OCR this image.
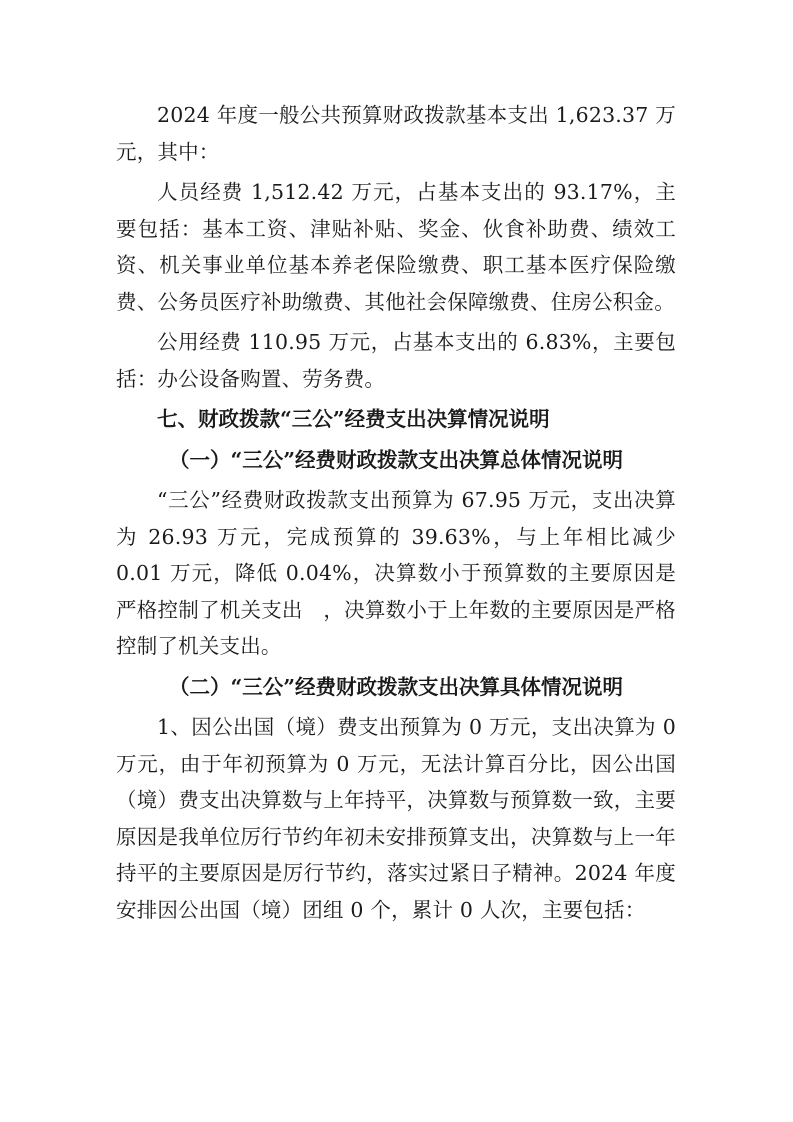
2024 年度一般公共预算财政拨款基本支出 1,623.37 万元，其中：

人员经费 1,512.42 万元，占基本支出的 93.17%，主要包括：基本工资、津贴补贴、奖金、伙食补助费、绩效工资、机关事业单位基本养老保险缴费、职工基本医疗保险缴费、公务员医疗补助缴费、其他社会保障缴费、住房公积金。

公用经费 110.95 万元，占基本支出的 6.83%，主要包括：办公设备购置、劳务费。

七、财政拨款“三公”经费支出决算情况说明

（一）“三公”经费财政拨款支出决算总体情况说明

“三公”经费财政拨款支出预算为 67.95 万元，支出决算为 26.93 万元，完成预算的 39.63%，与上年相比减少 0.01 万元，降低 0.04%，决算数小于预算数的主要原因是严格控制了机关支出　，决算数小于上年数的主要原因是严格控制了机关支出。

（二）“三公”经费财政拨款支出决算具体情况说明

1、因公出国（境）费支出预算为 0 万元，支出决算为 0 万元，由于年初预算为 0 万元，无法计算百分比，因公出国（境）费支出决算数与上年持平，决算数与预算数一致，主要原因是我单位厉行节约年初未安排预算支出，决算数与上一年持平的主要原因是厉行节约，落实过紧日子精神。2024 年度安排因公出国（境）团组 0 个，累计 0 人次，主要包括：
